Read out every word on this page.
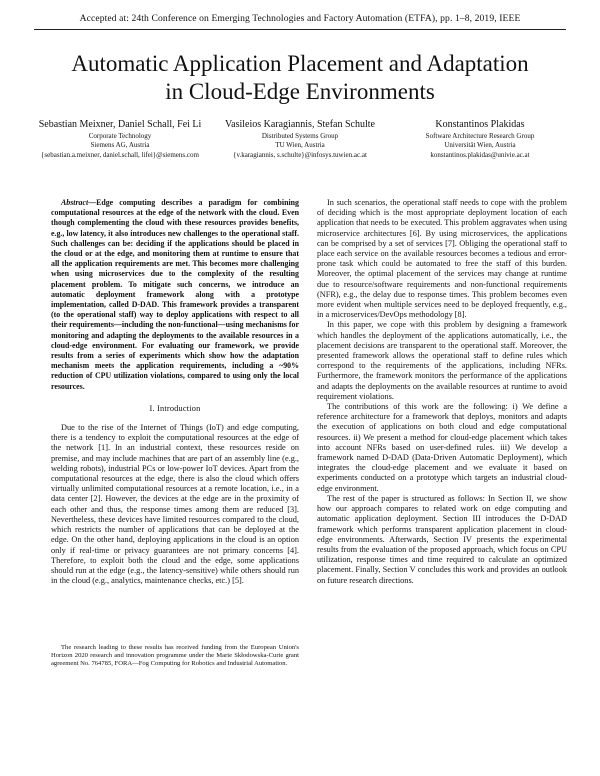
Accepted at: 24th Conference on Emerging Technologies and Factory Automation (ETFA), pp. 1–8, 2019, IEEE
Automatic Application Placement and Adaptation
in Cloud-Edge Environments
Sebastian Meixner, Daniel Schall, Fei Li
Corporate Technology
Siemens AG, Austria
{sebastian.a.meixner, daniel.schall, lifei}@siemens.com
Vasileios Karagiannis, Stefan Schulte
Distributed Systems Group
TU Wien, Austria
{v.karagiannis, s.schulte}@infosys.tuwien.ac.at
Konstantinos Plakidas
Software Architecture Research Group
Universität Wien, Austria
konstantinos.plakidas@univie.ac.at

Abstract—Edge computing describes a paradigm for combining computational resources at the edge of the network with the cloud. Even though complementing the cloud with these resources provides benefits, e.g., low latency, it also introduces new challenges to the operational staff. Such challenges can be: deciding if the applications should be placed in the cloud or at the edge, and monitoring them at runtime to ensure that all the application requirements are met. This becomes more challenging when using microservices due to the complexity of the resulting placement problem. To mitigate such concerns, we introduce an automatic deployment framework along with a prototype implementation, called D-DAD. This framework provides a transparent (to the operational staff) way to deploy applications with respect to all their requirements—including the non-functional—using mechanisms for monitoring and adapting the deployments to the available resources in a cloud-edge environment. For evaluating our framework, we provide results from a series of experiments which show how the adaptation mechanism meets the application requirements, including a ~90% reduction of CPU utilization violations, compared to using only the local resources.

I. Introduction

Due to the rise of the Internet of Things (IoT) and edge computing, there is a tendency to exploit the computational resources at the edge of the network [1]. In an industrial context, these resources reside on premise, and may include machines that are part of an assembly line (e.g., welding robots), industrial PCs or low-power IoT devices. Apart from the computational resources at the edge, there is also the cloud which offers virtually unlimited computational resources at a remote location, i.e., in a data center [2]. However, the devices at the edge are in the proximity of each other and thus, the response times among them are reduced [3]. Nevertheless, these devices have limited resources compared to the cloud, which restricts the number of applications that can be deployed at the edge. On the other hand, deploying applications in the cloud is an option only if real-time or privacy guarantees are not primary concerns [4]. Therefore, to exploit both the cloud and the edge, some applications should run at the edge (e.g., the latency-sensitive) while others should run in the cloud (e.g., analytics, maintenance checks, etc.) [5].

The research leading to these results has received funding from the European Union's Horizon 2020 research and innovation programme under the Marie Skłodowska-Curie grant agreement No. 764785, FORA—Fog Computing for Robotics and Industrial Automation.

In such scenarios, the operational staff needs to cope with the problem of deciding which is the most appropriate deployment location of each application that needs to be executed. This problem aggravates when using microservice architectures [6]. By using microservices, the applications can be comprised by a set of services [7]. Obliging the operational staff to place each service on the available resources becomes a tedious and error-prone task which could be automated to free the staff of this burden. Moreover, the optimal placement of the services may change at runtime due to resource/software requirements and non-functional requirements (NFR), e.g., the delay due to response times. This problem becomes even more evident when multiple services need to be deployed frequently, e.g., in a microservices/DevOps methodology [8].

In this paper, we cope with this problem by designing a framework which handles the deployment of the applications automatically, i.e., the placement decisions are transparent to the operational staff. Moreover, the presented framework allows the operational staff to define rules which correspond to the requirements of the applications, including NFRs. Furthermore, the framework monitors the performance of the applications and adapts the deployments on the available resources at runtime to avoid requirement violations.

The contributions of this work are the following: i) We define a reference architecture for a framework that deploys, monitors and adapts the execution of applications on both cloud and edge computational resources. ii) We present a method for cloud-edge placement which takes into account NFRs based on user-defined rules. iii) We develop a framework named D-DAD (Data-Driven Automatic Deployment), which integrates the cloud-edge placement and we evaluate it based on experiments conducted on a prototype which targets an industrial cloud-edge environment.

The rest of the paper is structured as follows: In Section II, we show how our approach compares to related work on edge computing and automatic application deployment. Section III introduces the D-DAD framework which performs transparent application placement in cloud-edge environments. Afterwards, Section IV presents the experimental results from the evaluation of the proposed approach, which focus on CPU utilization, response times and time required to calculate an optimized placement. Finally, Section V concludes this work and provides an outlook on future research directions.
